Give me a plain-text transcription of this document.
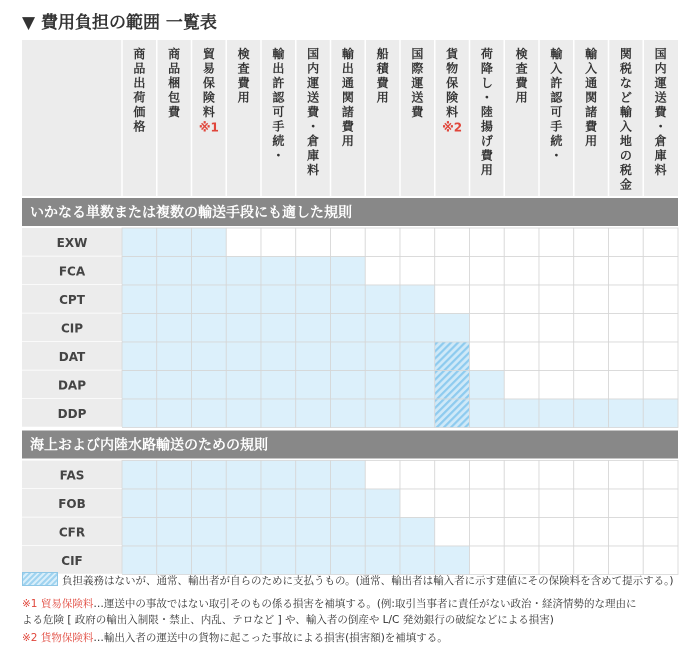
▼ 費用負担の範囲 一覧表
商
品
出
荷
価
格
商
品
梱
包
費
貿
易
保
険
料
※1
検
査
費
用
輸
出
許
認
可
手
続
・
国
内
運
送
費
・
倉
庫
料
輸
出
通
関
諸
費
用
船
積
費
用
国
際
運
送
費
貨
物
保
険
料
※2
荷
降
し
・
陸
揚
げ
費
用
検
査
費
用
輸
入
許
認
可
手
続
・
輸
入
通
関
諸
費
用
関
税
な
ど
輸
入
地
の
税
金
国
内
運
送
費
・
倉
庫
料
いかなる単数または複数の輸送手段にも適した規則
EXW
FCA
CPT
CIP
DAT
DAP
DDP
海上および内陸水路輸送のための規則
FAS
FOB
CFR
CIF
負担義務はないが、通常、輸出者が自らのために支払うもの。(通常、輸出者は輸入者に示す建値にその保険料を含めて提示する。)
※1 貿易保険料…運送中の事故ではない取引そのもの係る損害を補填する。(例:取引当事者に責任がない政治・経済情勢的な理由に
よる危険 [ 政府の輸出入制限・禁止、内乱、テロなど ] や、輸入者の倒産や L/C 発効銀行の破綻などによる損害)
※2 貨物保険料…輸出入者の運送中の貨物に起こった事故による損害(損害額)を補填する。
